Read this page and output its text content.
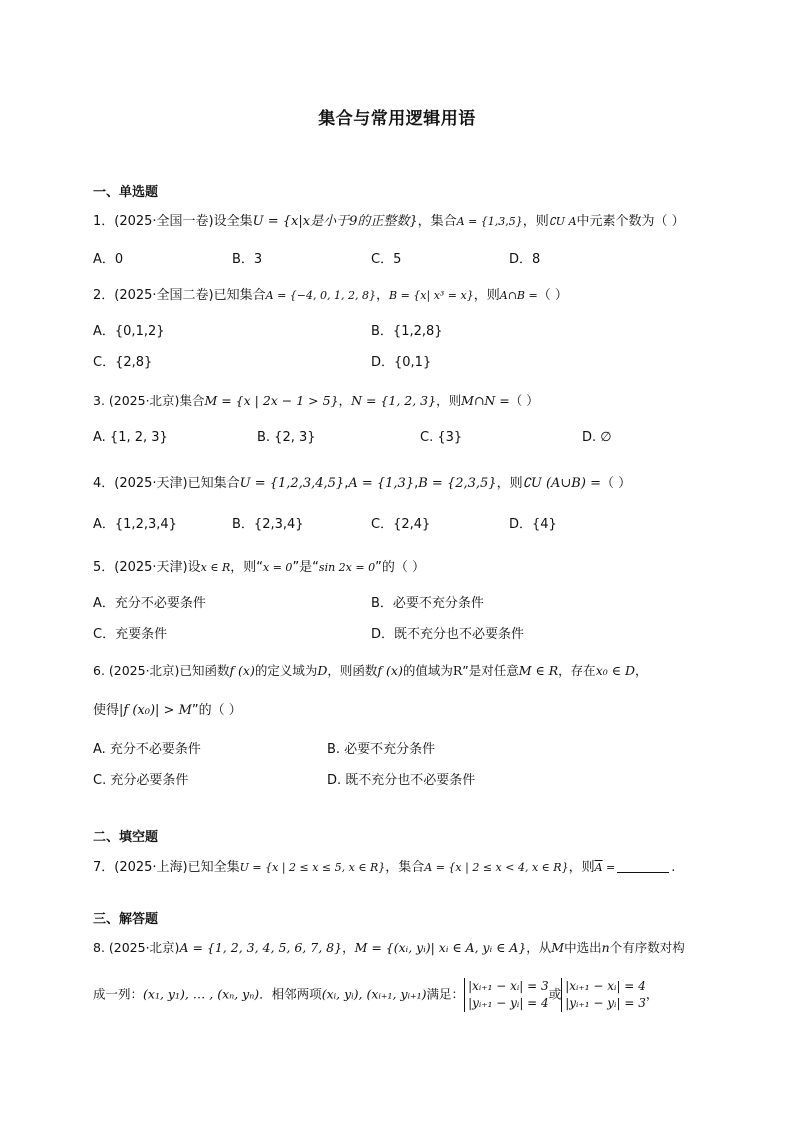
集合与常用逻辑用语
一、单选题
1．(2025·全国一卷)设全集U = {x|x是小于9的正整数}，集合A = {1,3,5}，则∁U A中元素个数为（ ）
A．0	B．3	C．5	D．8
2．(2025·全国二卷)已知集合A = {−4, 0, 1, 2, 8}，B = {x| x³ = x}，则A∩B =（ ）
A．{0,1,2}	B．{1,2,8}
C．{2,8}	D．{0,1}
3. (2025·北京)集合M = {x | 2x − 1 > 5}，N = {1, 2, 3}，则M∩N =（ ）
A. {1, 2, 3}	B. {2, 3}	C. {3}	D. ∅
4．(2025·天津)已知集合U = {1,2,3,4,5},A = {1,3},B = {2,3,5}，则∁U (A∪B) =（ ）
A．{1,2,3,4}	B．{2,3,4}	C．{2,4}	D．{4}
5．(2025·天津)设x ∈ R，则“x = 0”是“sin 2x = 0”的（ ）
A．充分不必要条件	B．必要不充分条件
C．充要条件	D．既不充分也不必要条件
6. (2025·北京)已知函数f (x)的定义域为D，则函数f (x)的值域为R”是对任意M ∈ R，存在x₀ ∈ D，
使得|f (x₀)| > M”的（ ）
A. 充分不必要条件	B. 必要不充分条件
C. 充分必要条件	D. 既不充分也不必要条件
二、填空题
7．(2025·上海)已知全集U = {x | 2 ≤ x ≤ 5, x ∈ R}，集合A = {x | 2 ≤ x < 4, x ∈ R}，则$\overline{A}$ =	.
三、解答题
8. (2025·北京)A = {1, 2, 3, 4, 5, 6, 7, 8}，M = {(xᵢ, yᵢ)| xᵢ ∈ A, yᵢ ∈ A}，从M中选出n个有序数对构
成一列：(x₁, y₁), … , (xₙ, yₙ)．相邻两项(xᵢ, yᵢ), (xᵢ₊₁, yᵢ₊₁)满足：
|xᵢ₊₁ − xᵢ| = 3
|yᵢ₊₁ − yᵢ| = 4
或
|xᵢ₊₁ − xᵢ| = 4
|yᵢ₊₁ − yᵢ| = 3
，
